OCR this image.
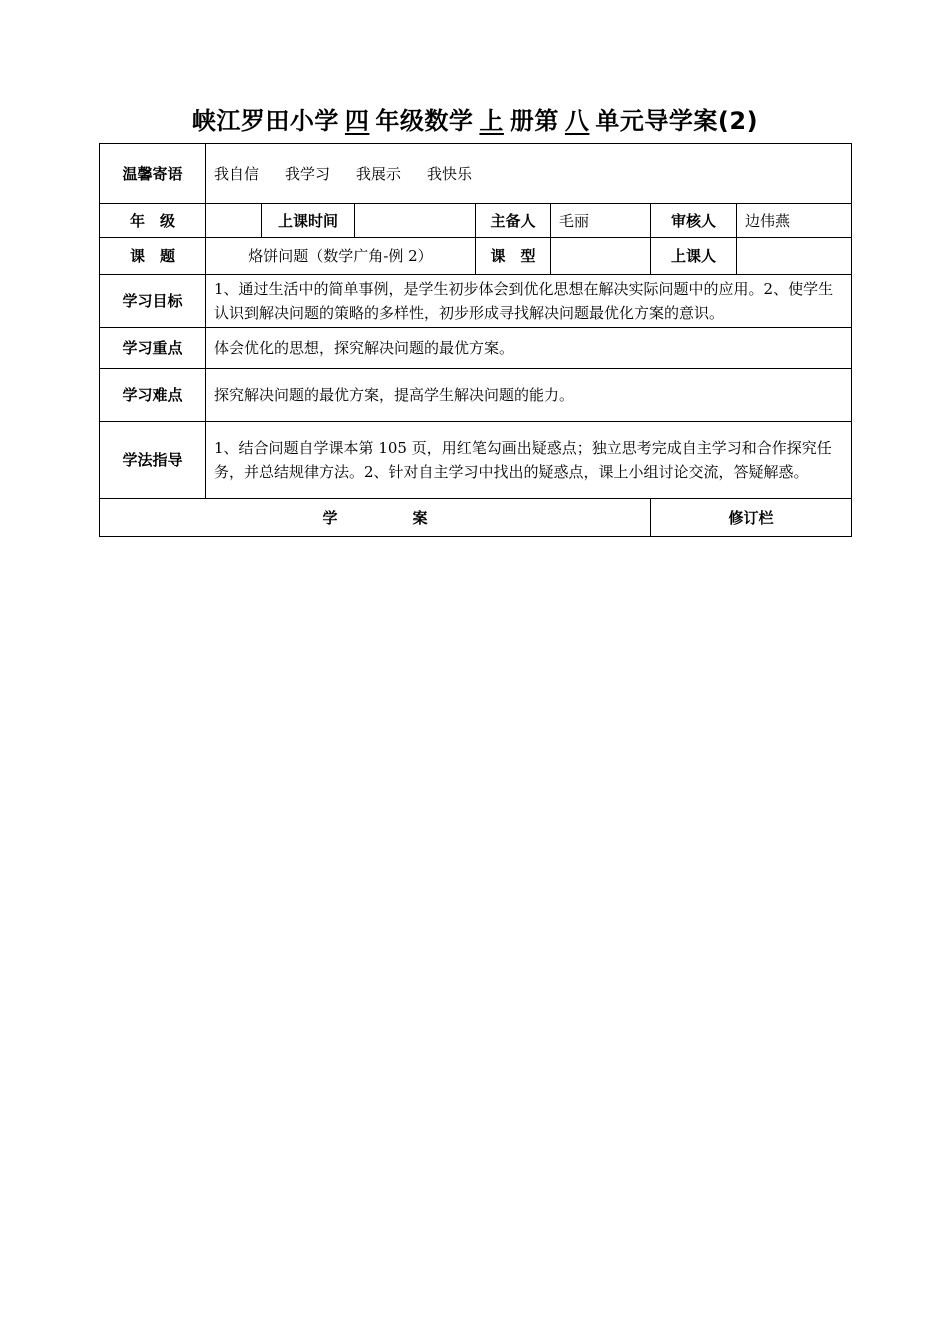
峡江罗田小学 四 年级数学 上 册第 八 单元导学案(2)
温馨寄语	我自信 我学习 我展示 我快乐						
年　级		上课时间		主备人	毛丽	审核人	边伟燕
课　题	烙饼问题（数学广角-例 2）			课　型		上课人	
学习目标	1、通过生活中的简单事例，是学生初步体会到优化思想在解决实际问题中的应用。2、使学生认识到解决问题的策略的多样性，初步形成寻找解决问题最优化方案的意识。						
学习重点	体会优化的思想，探究解决问题的最优方案。						
学习难点	探究解决问题的最优方案，提高学生解决问题的能力。						
学法指导	1、结合问题自学课本第 105 页，用红笔勾画出疑惑点；独立思考完成自主学习和合作探究任务，并总结规律方法。2、针对自主学习中找出的疑惑点，课上小组讨论交流，答疑解惑。						
学　　　　　案						修订栏	
